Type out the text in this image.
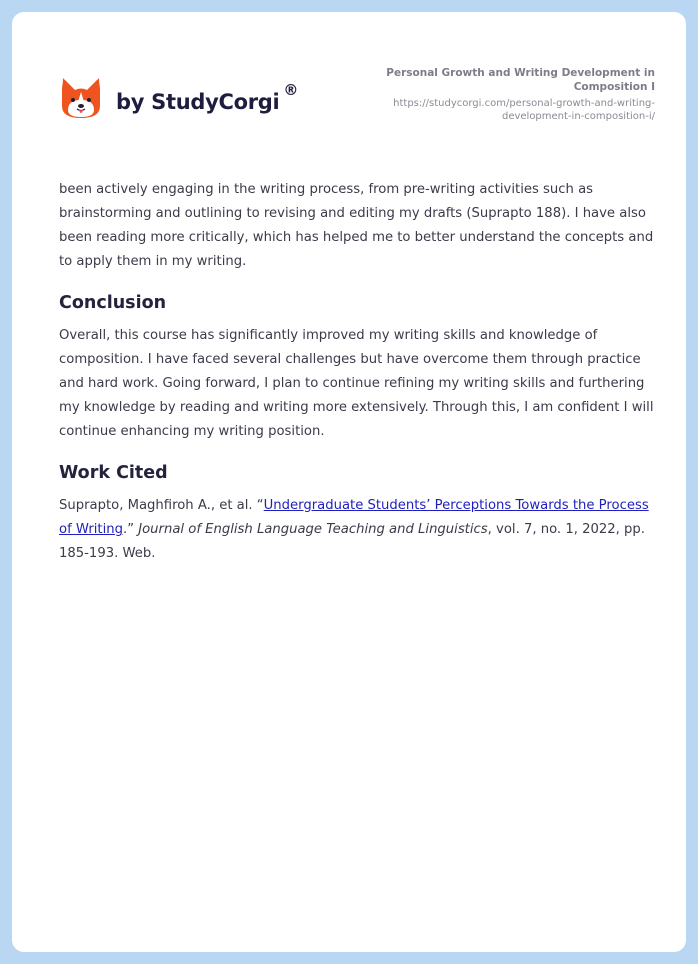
by StudyCorgi ®
Personal Growth and Writing Development in Composition I
https://studycorgi.com/personal-growth-and-writing-development-in-composition-i/

been actively engaging in the writing process, from pre-writing activities such as brainstorming and outlining to revising and editing my drafts (Suprapto 188). I have also been reading more critically, which has helped me to better understand the concepts and to apply them in my writing.

Conclusion

Overall, this course has significantly improved my writing skills and knowledge of composition. I have faced several challenges but have overcome them through practice and hard work. Going forward, I plan to continue refining my writing skills and furthering my knowledge by reading and writing more extensively. Through this, I am confident I will continue enhancing my writing position.

Work Cited

Suprapto, Maghfiroh A., et al. “Undergraduate Students’ Perceptions Towards the Process of Writing.” Journal of English Language Teaching and Linguistics, vol. 7, no. 1, 2022, pp. 185-193. Web.
